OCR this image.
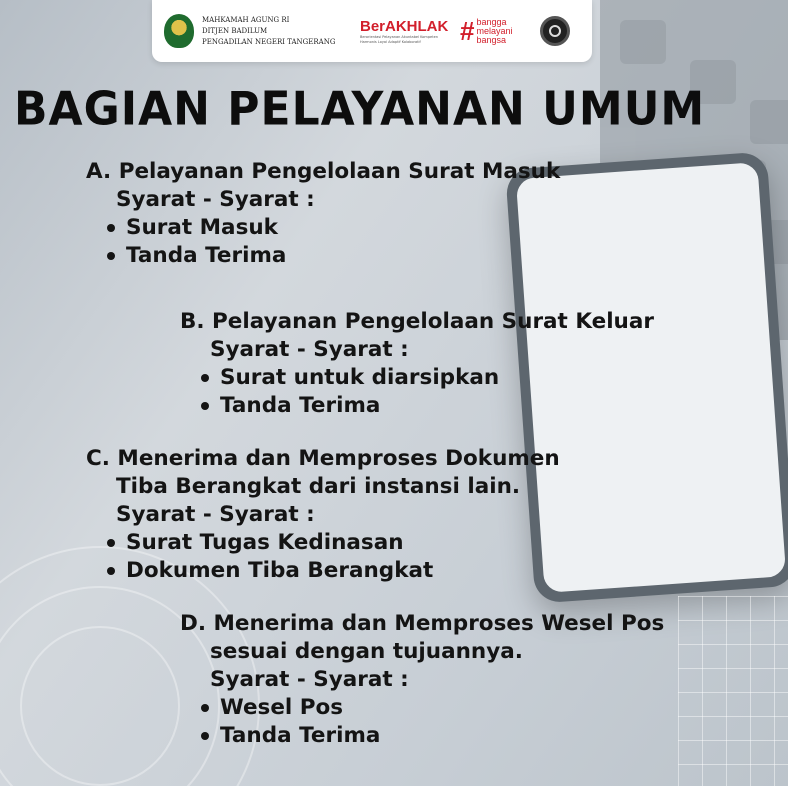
MAHKAMAH AGUNG RI
DITJEN BADILUM
PENGADILAN NEGERI TANGERANG
BerAKHLAK
Berorientasi Pelayanan Akuntabel Kompeten Harmonis Loyal Adaptif Kolaboratif	# bangga
melayani
bangsa
BAGIAN PELAYANAN UMUM
A. Pelayanan Pengelolaan Surat Masuk
Syarat - Syarat :
Surat Masuk
Tanda Terima
B. Pelayanan Pengelolaan Surat Keluar
Syarat - Syarat :
Surat untuk diarsipkan
Tanda Terima
C. Menerima dan Memproses Dokumen
Tiba Berangkat dari instansi lain.
Syarat - Syarat :
Surat Tugas Kedinasan
Dokumen Tiba Berangkat
D. Menerima dan Memproses Wesel Pos
sesuai dengan tujuannya.
Syarat - Syarat :
Wesel Pos
Tanda Terima
